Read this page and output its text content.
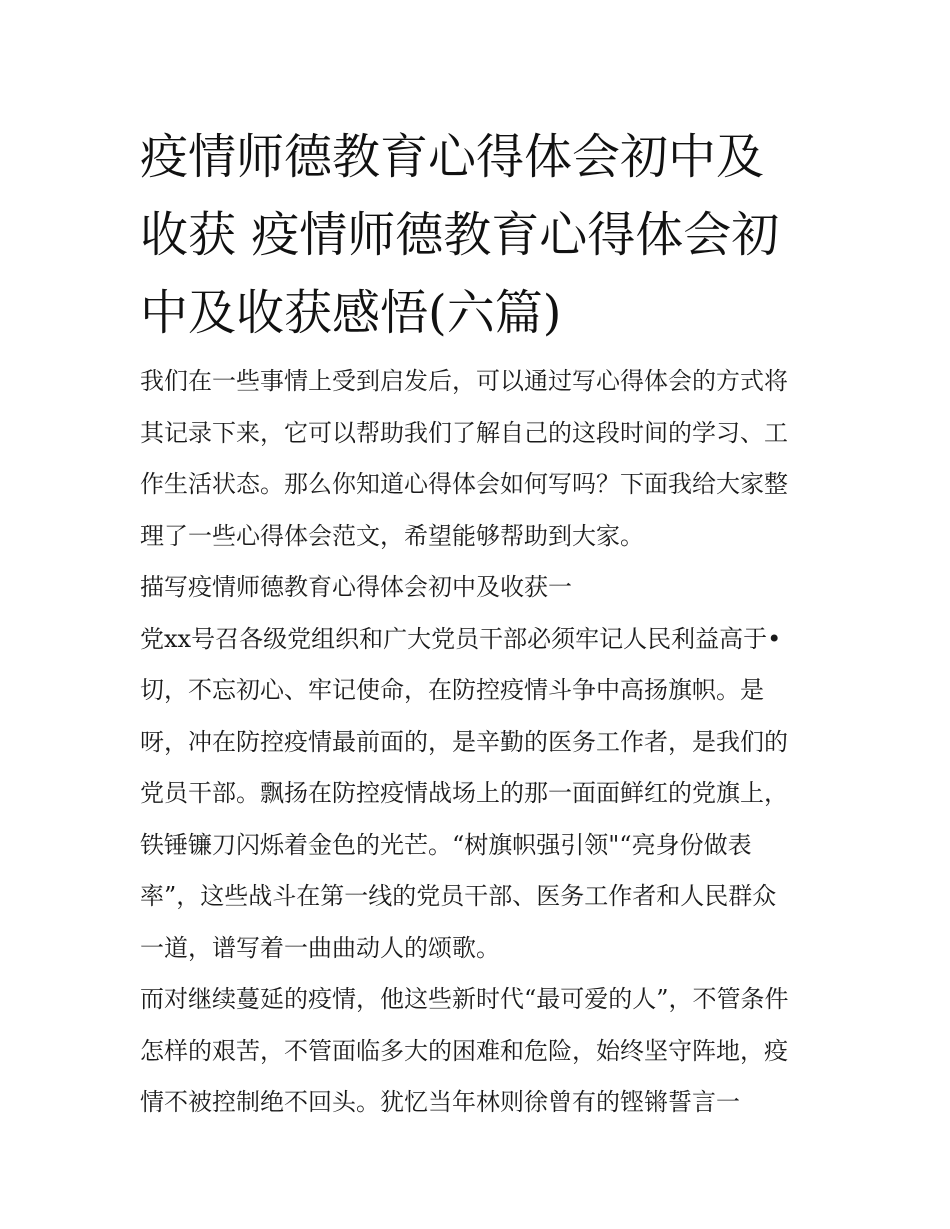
疫情师德教育心得体会初中及
收获 疫情师德教育心得体会初
中及收获感悟(六篇)
我们在一些事情上受到启发后，可以通过写心得体会的方式将
其记录下来，它可以帮助我们了解自己的这段时间的学习、工
作生活状态。那么你知道心得体会如何写吗？下面我给大家整
理了一些心得体会范文，希望能够帮助到大家。
描写疫情师德教育心得体会初中及收获一
党xx号召各级党组织和广大党员干部必须牢记人民利益高于•
切，不忘初心、牢记使命，在防控疫情斗争中高扬旗帜。是
呀，冲在防控疫情最前面的，是辛勤的医务工作者，是我们的
党员干部。飘扬在防控疫情战场上的那一面面鲜红的党旗上，
铁锤镰刀闪烁着金色的光芒。“树旗帜强引领"“亮身份做表
率”，这些战斗在第一线的党员干部、医务工作者和人民群众
一道，谱写着一曲曲动人的颂歌。
而对继续蔓延的疫情，他这些新时代“最可爱的人”，不管条件
怎样的艰苦，不管面临多大的困难和危险，始终坚守阵地，疫
情不被控制绝不回头。犹忆当年林则徐曾有的铿锵誓言一
